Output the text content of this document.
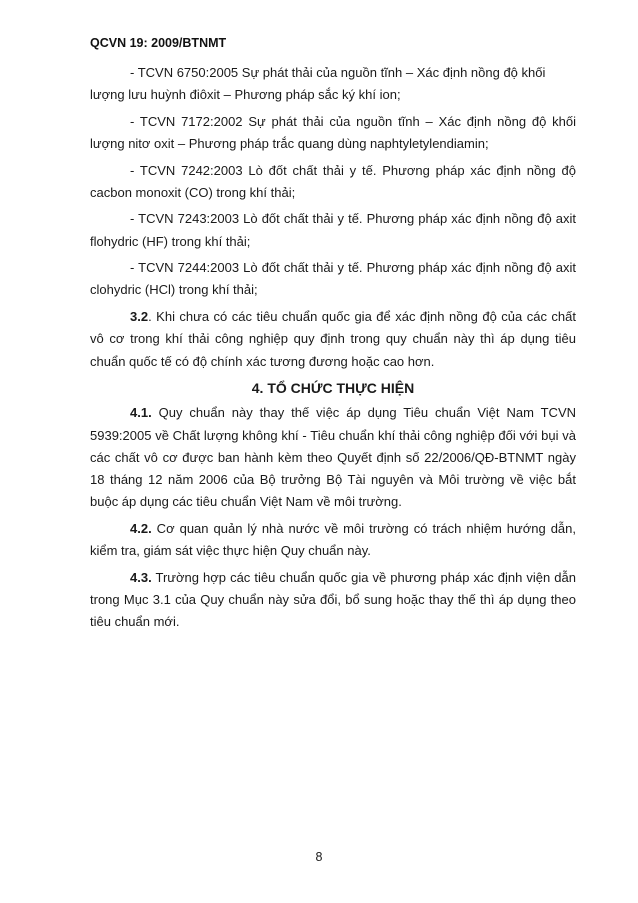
QCVN 19: 2009/BTNMT

- TCVN 6750:2005 Sự phát thải của nguồn tĩnh – Xác định nồng độ khối lượng lưu huỳnh điôxit – Phương pháp sắc ký khí ion;

- TCVN 7172:2002 Sự phát thải của nguồn tĩnh – Xác định nồng độ khối lượng nitơ oxit – Phương pháp trắc quang dùng naphtyletylendiamin;

- TCVN 7242:2003 Lò đốt chất thải y tế. Phương pháp xác định nồng độ cacbon monoxit (CO) trong khí thải;

- TCVN 7243:2003 Lò đốt chất thải y tế. Phương pháp xác định nồng độ axit flohydric (HF) trong khí thải;

- TCVN 7244:2003 Lò đốt chất thải y tế. Phương pháp xác định nồng độ axit clohydric (HCl) trong khí thải;

3.2. Khi chưa có các tiêu chuẩn quốc gia để xác định nồng độ của các chất vô cơ trong khí thải công nghiệp quy định trong quy chuẩn này thì áp dụng tiêu chuẩn quốc tế có độ chính xác tương đương hoặc cao hơn.

4. TỔ CHỨC THỰC HIỆN

4.1. Quy chuẩn này thay thế việc áp dụng Tiêu chuẩn Việt Nam TCVN 5939:2005 về Chất lượng không khí - Tiêu chuẩn khí thải công nghiệp đối với bụi và các chất vô cơ được ban hành kèm theo Quyết định số 22/2006/QĐ-BTNMT ngày 18 tháng 12 năm 2006 của Bộ trưởng Bộ Tài nguyên và Môi trường về việc bắt buộc áp dụng các tiêu chuẩn Việt Nam về môi trường.

4.2. Cơ quan quản lý nhà nước về môi trường có trách nhiệm hướng dẫn, kiểm tra, giám sát việc thực hiện Quy chuẩn này.

4.3. Trường hợp các tiêu chuẩn quốc gia về phương pháp xác định viện dẫn trong Mục 3.1 của Quy chuẩn này sửa đổi, bổ sung hoặc thay thế thì áp dụng theo tiêu chuẩn mới.

8
